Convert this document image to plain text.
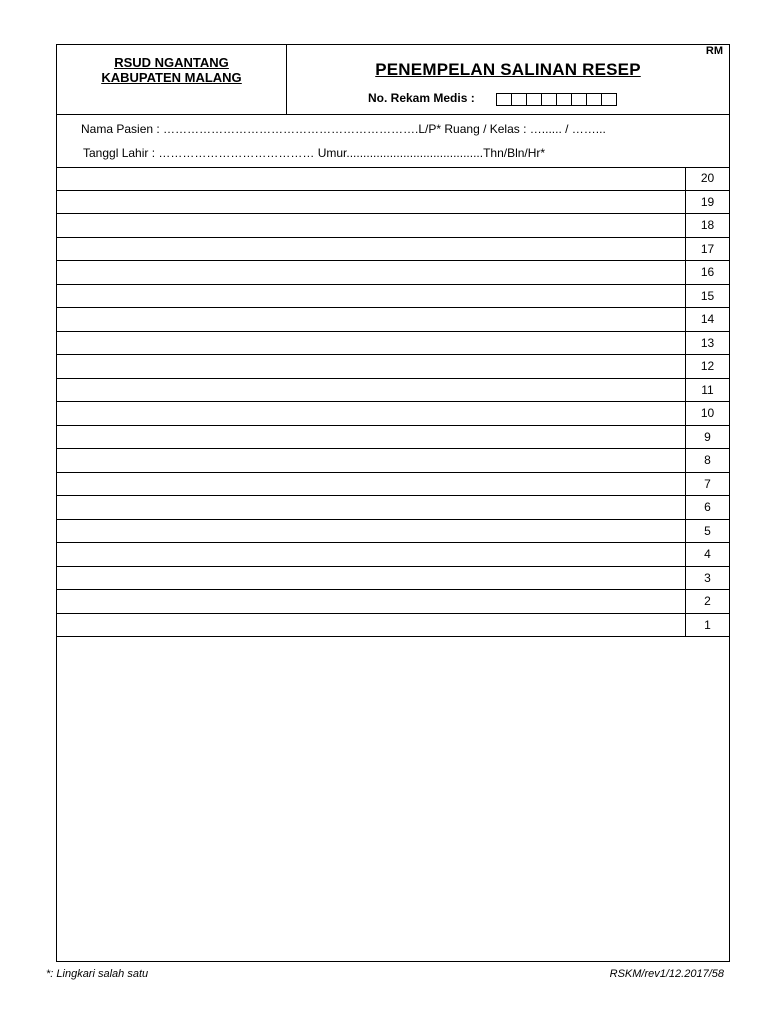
RSUD NGANTANG
KABUPATEN MALANG
RM
PENEMPELAN SALINAN RESEP
No. Rekam Medis :
Nama Pasien : ……………………………………………………….L/P* Ruang / Kelas : …...... / ……...
Tanggl Lahir : ………………………………… Umur.........................................Thn/Bln/Hr*
20
19
18
17
16
15
14
13
12
11
10
9
8
7
6
5
4
3
2
1
*: Lingkari salah satu	RSKM/rev1/12.2017/58
